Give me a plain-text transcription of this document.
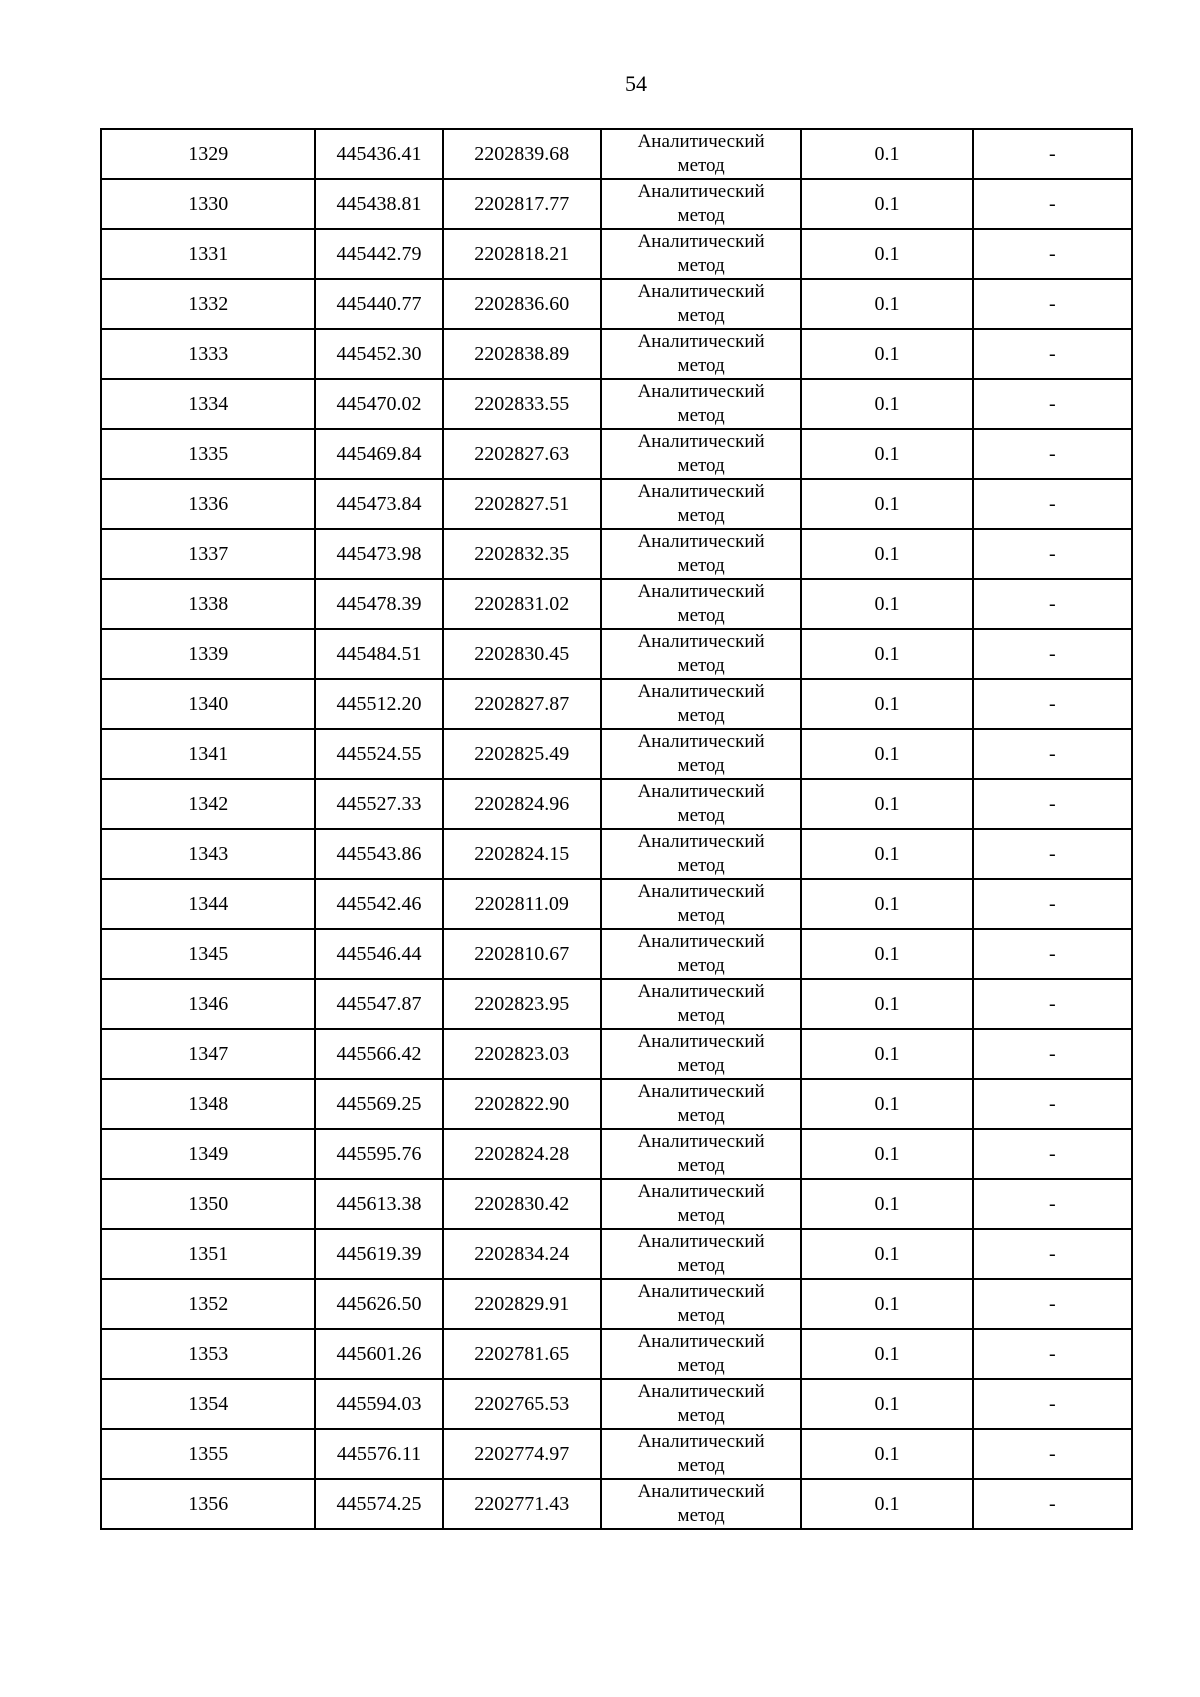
54
1329	445436.41	2202839.68	Аналитический метод	0.1	-
1330	445438.81	2202817.77	Аналитический метод	0.1	-
1331	445442.79	2202818.21	Аналитический метод	0.1	-
1332	445440.77	2202836.60	Аналитический метод	0.1	-
1333	445452.30	2202838.89	Аналитический метод	0.1	-
1334	445470.02	2202833.55	Аналитический метод	0.1	-
1335	445469.84	2202827.63	Аналитический метод	0.1	-
1336	445473.84	2202827.51	Аналитический метод	0.1	-
1337	445473.98	2202832.35	Аналитический метод	0.1	-
1338	445478.39	2202831.02	Аналитический метод	0.1	-
1339	445484.51	2202830.45	Аналитический метод	0.1	-
1340	445512.20	2202827.87	Аналитический метод	0.1	-
1341	445524.55	2202825.49	Аналитический метод	0.1	-
1342	445527.33	2202824.96	Аналитический метод	0.1	-
1343	445543.86	2202824.15	Аналитический метод	0.1	-
1344	445542.46	2202811.09	Аналитический метод	0.1	-
1345	445546.44	2202810.67	Аналитический метод	0.1	-
1346	445547.87	2202823.95	Аналитический метод	0.1	-
1347	445566.42	2202823.03	Аналитический метод	0.1	-
1348	445569.25	2202822.90	Аналитический метод	0.1	-
1349	445595.76	2202824.28	Аналитический метод	0.1	-
1350	445613.38	2202830.42	Аналитический метод	0.1	-
1351	445619.39	2202834.24	Аналитический метод	0.1	-
1352	445626.50	2202829.91	Аналитический метод	0.1	-
1353	445601.26	2202781.65	Аналитический метод	0.1	-
1354	445594.03	2202765.53	Аналитический метод	0.1	-
1355	445576.11	2202774.97	Аналитический метод	0.1	-
1356	445574.25	2202771.43	Аналитический метод	0.1	-
